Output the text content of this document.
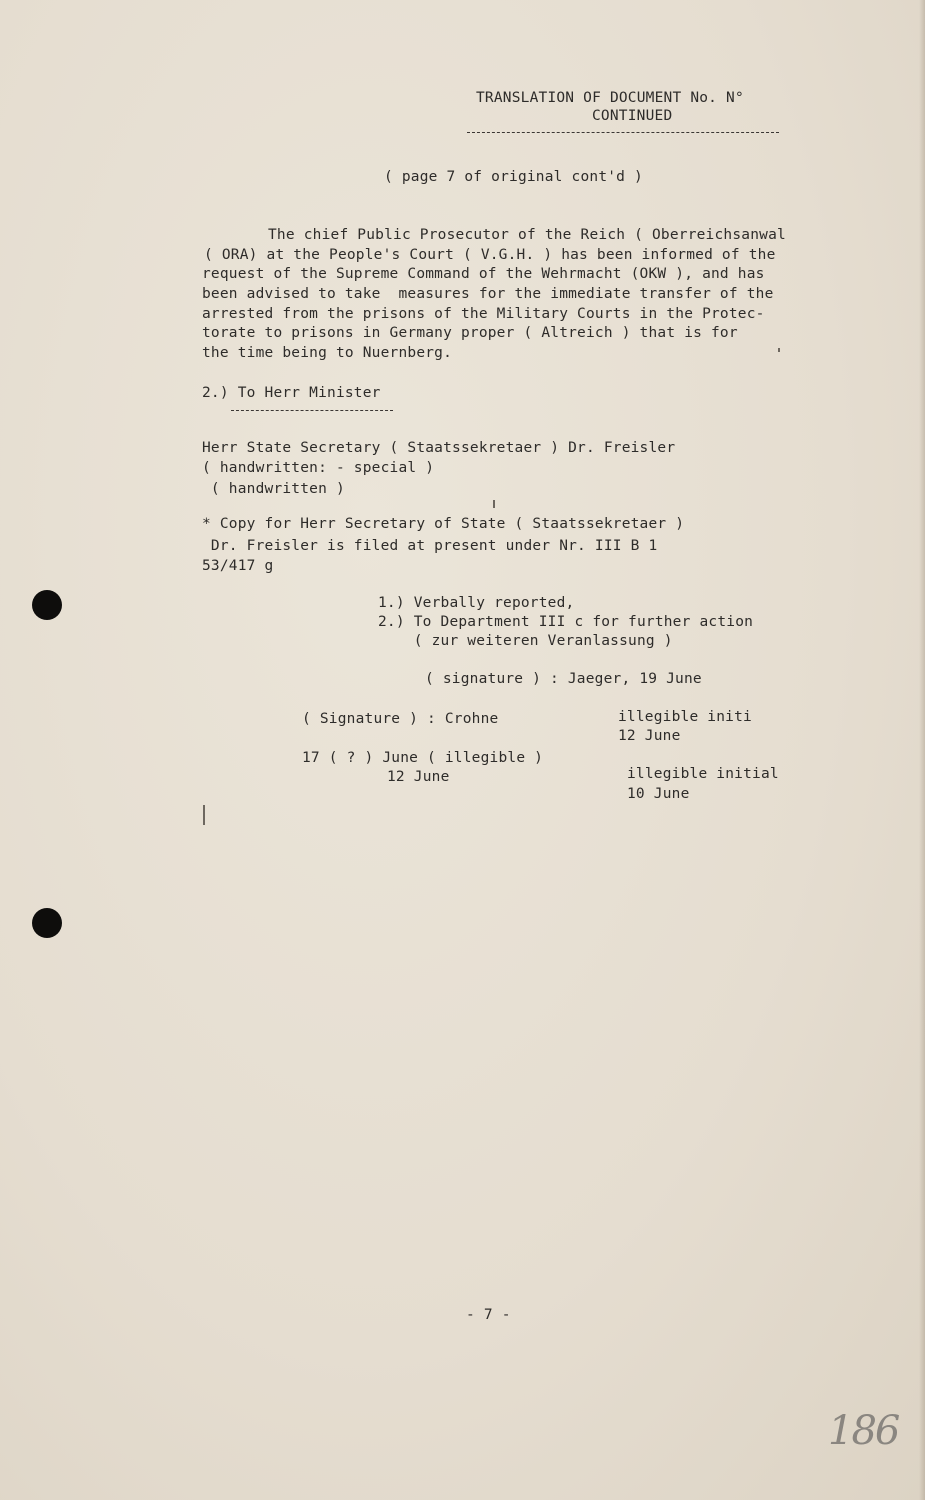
TRANSLATION OF DOCUMENT No. N°
CONTINUED
( page 7 of original cont'd )
The chief Public Prosecutor of the Reich ( Oberreichsanwal
( ORA) at the People's Court ( V.G.H. ) has been informed of the
request of the Supreme Command of the Wehrmacht (OKW ), and has
been advised to take  measures for the immediate transfer of the
arrested from the prisons of the Military Courts in the Protec-
torate to prisons in Germany proper ( Altreich ) that is for
the time being to Nuernberg.
2.) To Herr Minister
Herr State Secretary ( Staatssekretaer ) Dr. Freisler
( handwritten: - special )
( handwritten )
* Copy for Herr Secretary of State ( Staatssekretaer )
Dr. Freisler is filed at present under Nr. III B 1
53/417 g
1.) Verbally reported,
2.) To Department III c for further action
( zur weiteren Veranlassung )
( signature ) : Jaeger, 19 June
( Signature ) : Crohne	illegible initi
12 June
17 ( ? ) June ( illegible )
12 June	illegible initial
10 June
- 7 -
186
